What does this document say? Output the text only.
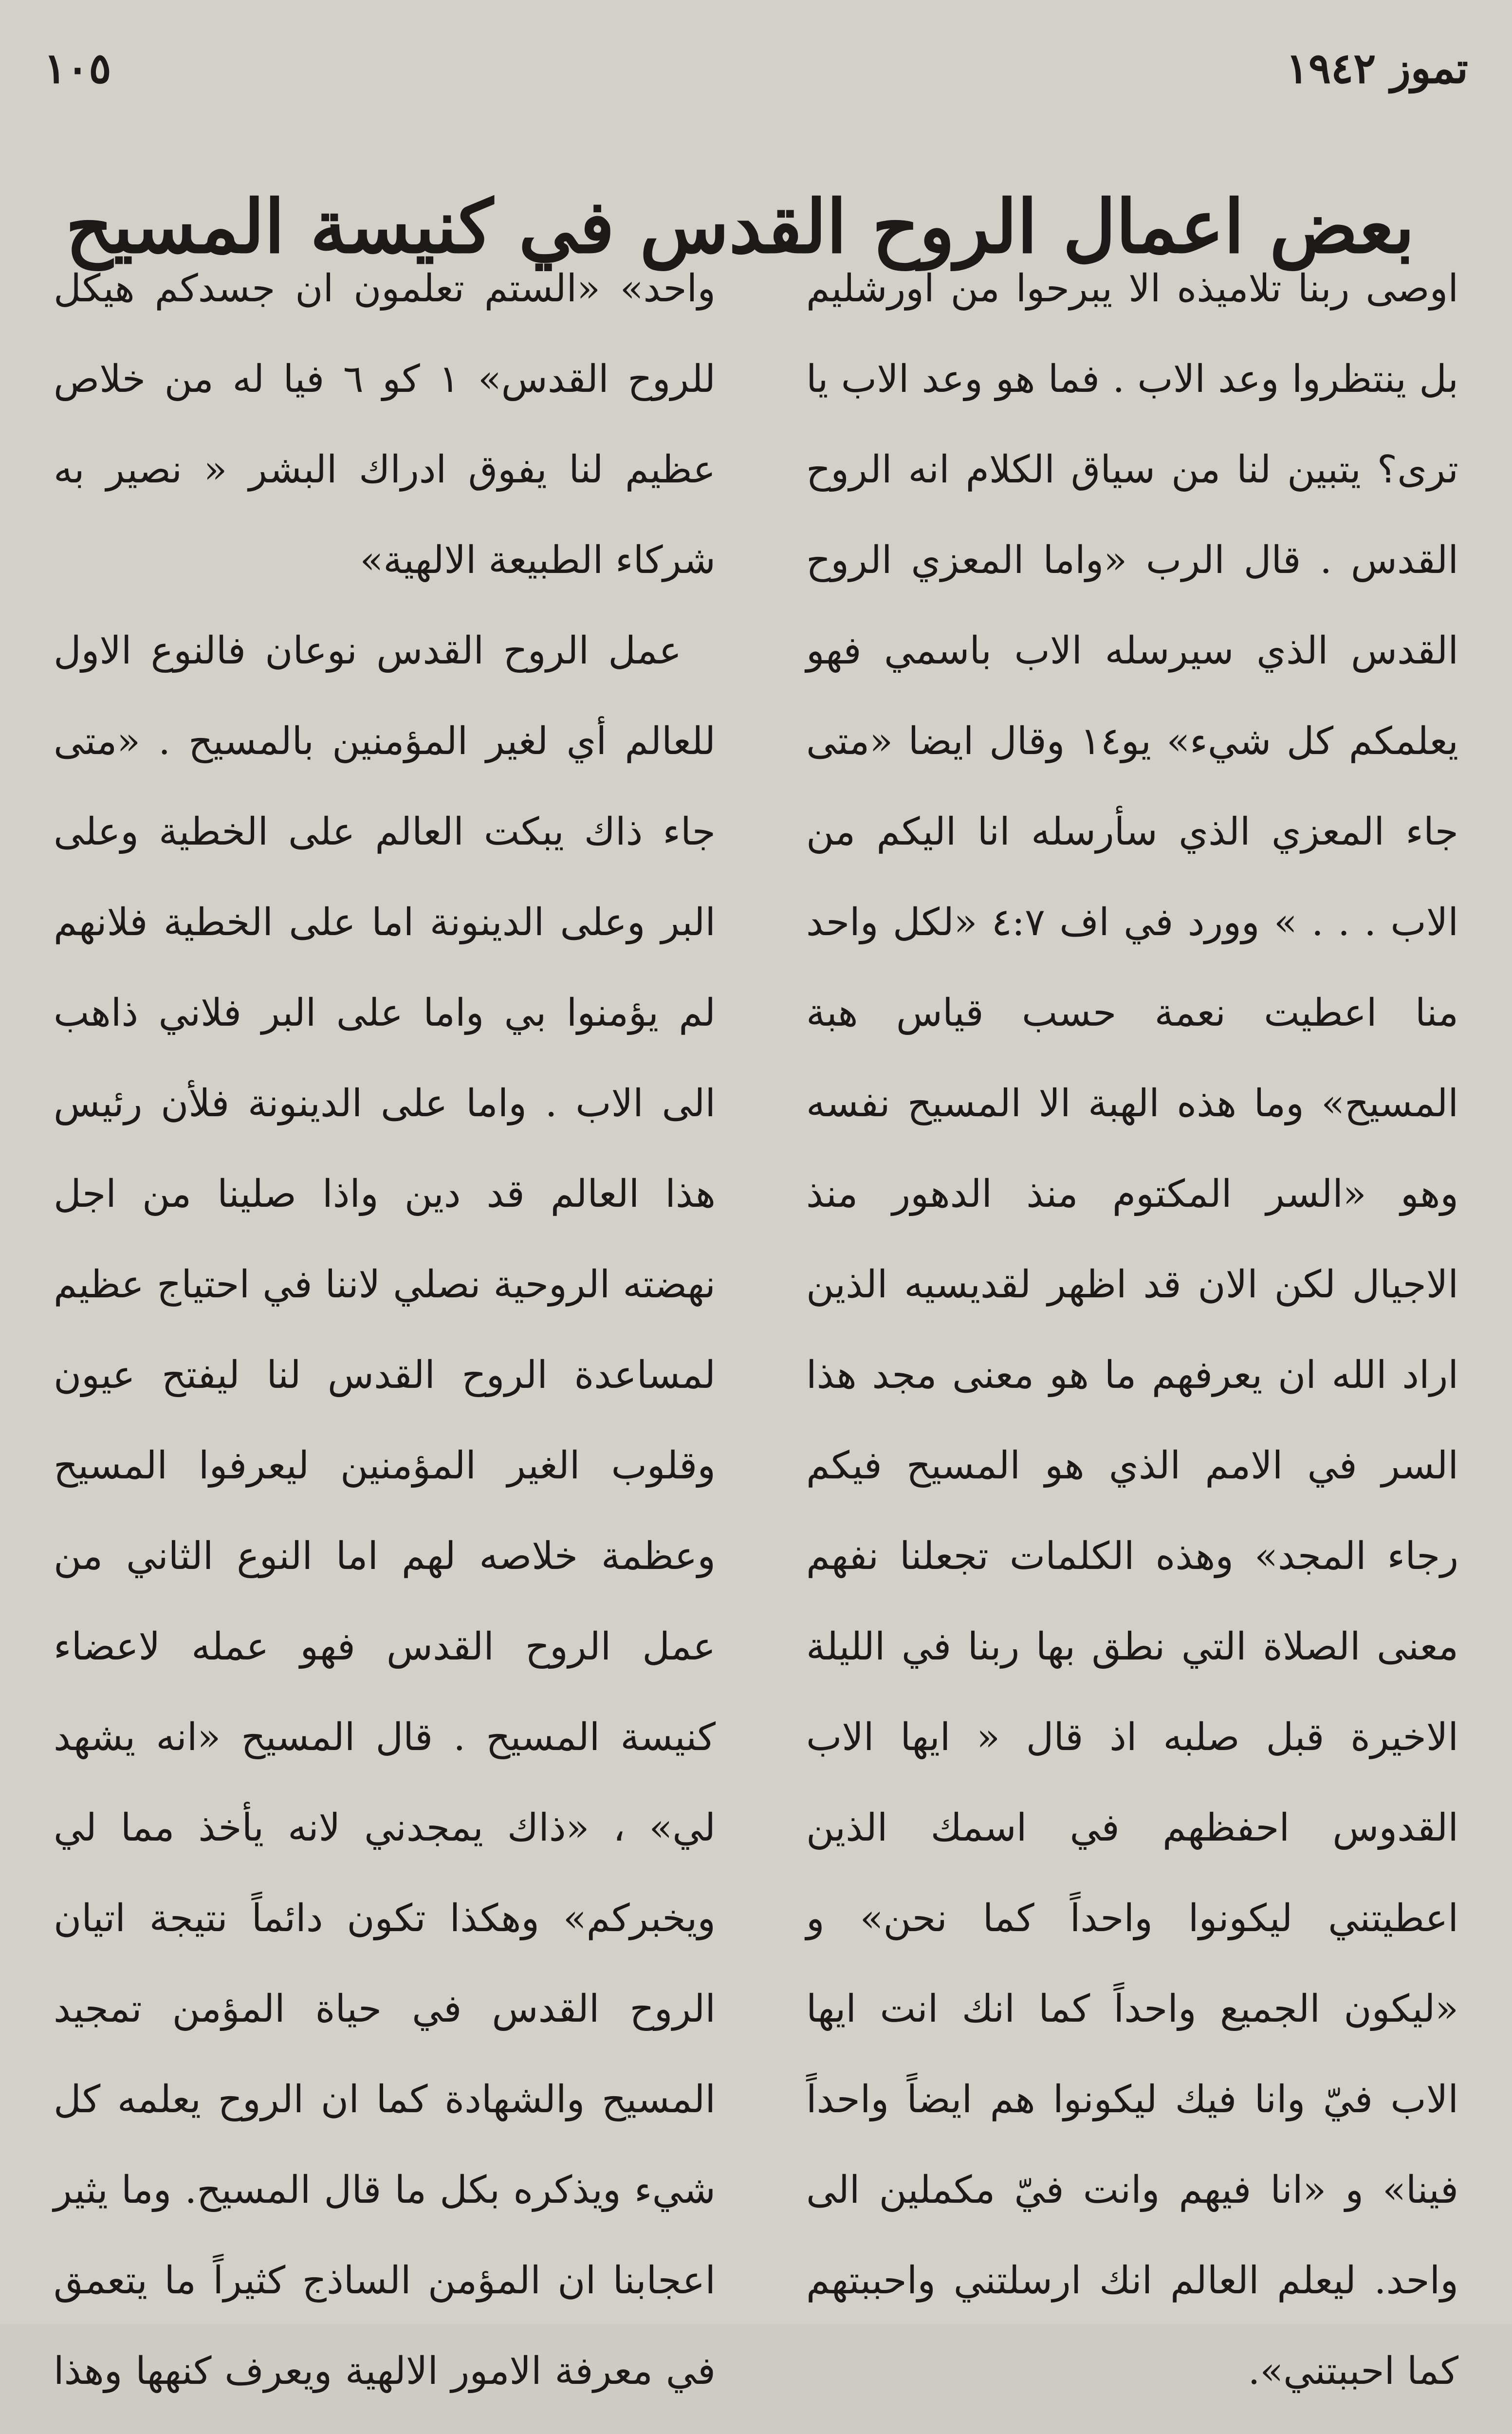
تموز ١٩٤٢
١٠٥
بعض اعمال الروح القدس في كنيسة المسيح

اوصى ربنا تلاميذه الا يبرحوا من اورشليم بل ينتظروا وعد الاب . فما هو وعد الاب يا ترى؟ يتبين لنا من سياق الكلام انه الروح القدس . قال الرب «واما المعزي الروح القدس الذي سيرسله الاب باسمي فهو يعلمكم كل شيء» يو١٤ وقال ايضا «متى جاء المعزي الذي سأرسله انا اليكم من الاب . . . » وورد في اف ٤:٧ «لكل واحد منا اعطيت نعمة حسب قياس هبة المسيح» وما هذه الهبة الا المسيح نفسه وهو «السر المكتوم منذ الدهور منذ الاجيال لكن الان قد اظهر لقديسيه الذين اراد الله ان يعرفهم ما هو معنى مجد هذا السر في الامم الذي هو المسيح فيكم رجاء المجد» وهذه الكلمات تجعلنا نفهم معنى الصلاة التي نطق بها ربنا في الليلة الاخيرة قبل صلبه اذ قال « ايها الاب القدوس احفظهم في اسمك الذين اعطيتني ليكونوا واحداً كما نحن» و «ليكون الجميع واحداً كما انك انت ايها الاب فيّ وانا فيك ليكونوا هم ايضاً واحداً فينا» و «انا فيهم وانت فيّ مكملين الى واحد. ليعلم العالم انك ارسلتني واحببتهم كما احببتني».

واحد» «الستم تعلمون ان جسدكم هيكل للروح القدس» ١ كو ٦ فيا له من خلاص عظيم لنا يفوق ادراك البشر « نصير به شركاء الطبيعة الالهية»

عمل الروح القدس نوعان فالنوع الاول للعالم أي لغير المؤمنين بالمسيح . «متى جاء ذاك يبكت العالم على الخطية وعلى البر وعلى الدينونة اما على الخطية فلانهم لم يؤمنوا بي واما على البر فلاني ذاهب الى الاب . واما على الدينونة فلأن رئيس هذا العالم قد دين واذا صلينا من اجل نهضته الروحية نصلي لاننا في احتياج عظيم لمساعدة الروح القدس لنا ليفتح عيون وقلوب الغير المؤمنين ليعرفوا المسيح وعظمة خلاصه لهم اما النوع الثاني من عمل الروح القدس فهو عمله لاعضاء كنيسة المسيح . قال المسيح «انه يشهد لي» ، «ذاك يمجدني لانه يأخذ مما لي ويخبركم» وهكذا تكون دائماً نتيجة اتيان الروح القدس في حياة المؤمن تمجيد المسيح والشهادة كما ان الروح يعلمه كل شيء ويذكره بكل ما قال المسيح. وما يثير اعجابنا ان المؤمن الساذج كثيراً ما يتعمق في معرفة الامور الالهية ويعرف كنهها وهذا
